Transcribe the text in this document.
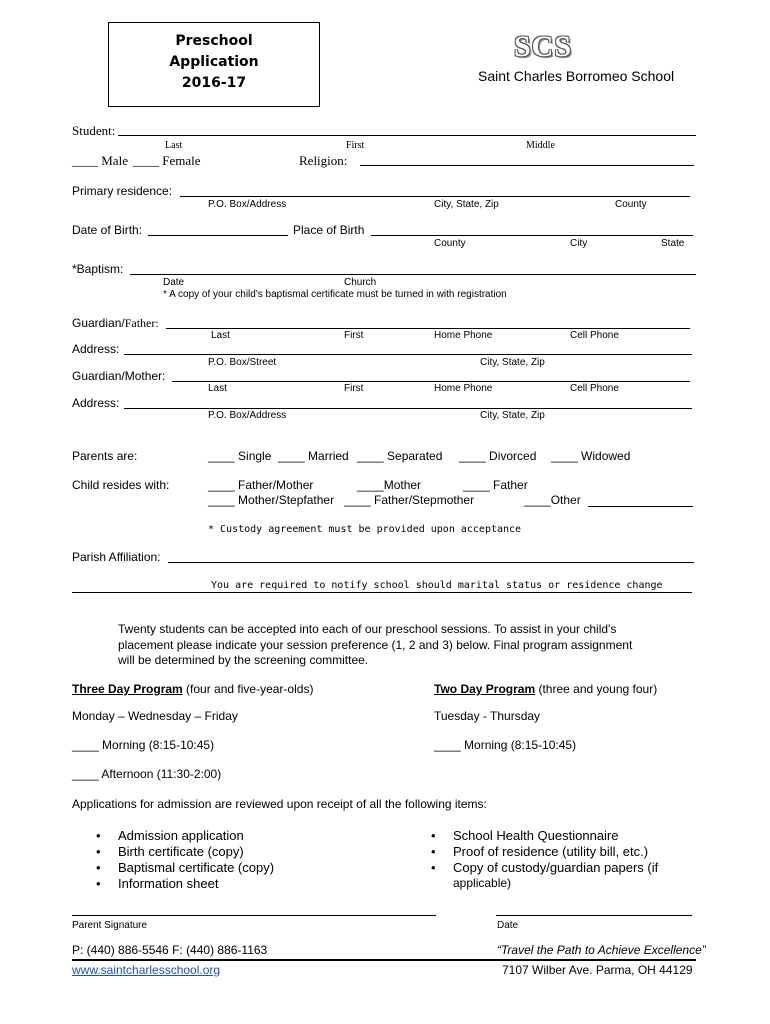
Preschool
Application
2016-17
SCS
Saint Charles Borromeo School
Student:
Last	First	Middle
____ Male ____ Female	Religion:
Primary residence:
P.O. Box/Address	City, State, Zip	County
Date of Birth:	Place of Birth
County	City	State
*Baptism:
Date	Church
* A copy of your child's baptismal certificate must be turned in with registration
Guardian/Father:
Last	First	Home Phone	Cell Phone
Address:
P.O. Box/Street	City, State, Zip
Guardian/Mother:
Last	First	Home Phone	Cell Phone
Address:
P.O. Box/Address	City, State, Zip
Parents are:	____ Single ____ Married ____ Separated ____ Divorced ____ Widowed
Child resides with:	____ Father/Mother	____Mother	____ Father
____ Mother/Stepfather ____ Father/Stepmother	____Other
* Custody agreement must be provided upon acceptance
Parish Affiliation:
You are required to notify school should marital status or residence change
Twenty students can be accepted into each of our preschool sessions. To assist in your child's
placement please indicate your session preference (1, 2 and 3) below. Final program assignment
will be determined by the screening committee.
Three Day Program (four and five-year-olds)	Two Day Program (three and young four)
Monday – Wednesday – Friday	Tuesday - Thursday
____ Morning (8:15-10:45)	____ Morning (8:15-10:45)
____ Afternoon (11:30-2:00)
Applications for admission are reviewed upon receipt of all the following items:
• Admission application
• Birth certificate (copy)
• Baptismal certificate (copy)
• Information sheet
• School Health Questionnaire
• Proof of residence (utility bill, etc.)
• Copy of custody/guardian papers (if
applicable)
Parent Signature	Date
P: (440) 886-5546 F: (440) 886-1163	“Travel the Path to Achieve Excellence”
www.saintcharlesschool.org	7107 Wilber Ave. Parma, OH 44129
